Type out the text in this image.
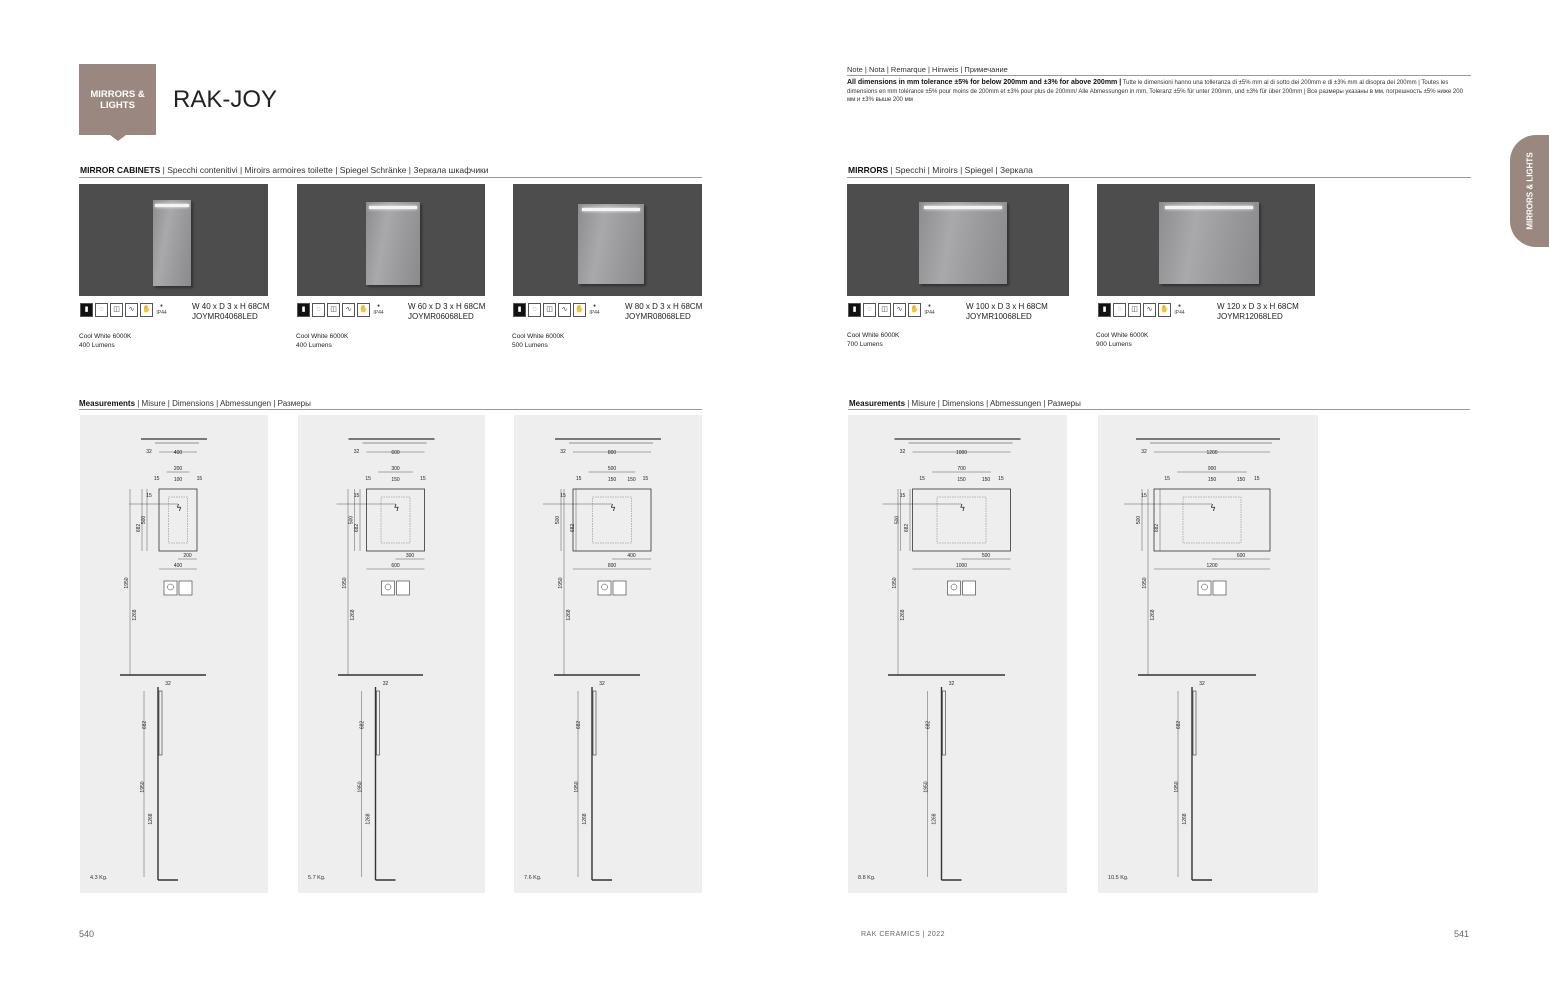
MIRRORS & LIGHTS	RAK-JOY
Note | Nota | Remarque | Hinweis | Примечание
All dimensions in mm tolerance ±5% for below 200mm and ±3% for above 200mm | Tutte le dimensioni hanno una tolleranza di ±5% mm al di sotto dei 200mm e di ±3% mm al disopra dei 200mm | Toutes les dimensions en mm tolérance ±5% pour moins de 200mm et ±3% pour plus de 200mm/ Alle Abmessungen in mm, Toleranz ±5% für unter 200mm, und ±3% für über 200mm | Все размеры указаны в мм, погрешность ±5% ниже 200 мм и ±3% выше 200 мм
MIRRORS & LIGHTS
MIRROR CABINETS | Specchi contenitivi | Miroirs armoires toilette | Spiegel Schränke | Зеркала шкафчики	MIRRORS | Specchi | Miroirs | Spiegel | Зеркала
▮	◌	◫	∿	✋	●
IP44
W 40 x D 3 x H 68CM
JOYMR04068LED
Cool White 6000K
400 Lumens
▮	◌	◫	∿	✋	●
IP44
W 60 x D 3 x H 68CM
JOYMR06068LED
Cool White 6000K
400 Lumens
▮	◌	◫	∿	✋	●
IP44
W 80 x D 3 x H 68CM
JOYMR08068LED
Cool White 6000K
500 Lumens
▮	◌	◫	∿	✋	●
IP44
W 100 x D 3 x H 68CM
JOYMR10068LED
Cool White 6000K
700 Lumens
▮	◌	◫	∿	✋	●
IP44
W 120 x D 3 x H 68CM
JOYMR12068LED
Cool White 6000K
900 Lumens
Measurements | Misure | Dimensions | Abmessungen | Размеры	Measurements | Misure | Dimensions | Abmessungen | Размеры
32	400
200
15	15
100
15
ϟ
500
200
400
682
1950
1268
32
682
1950
1268
4.3 Kg.
32	600
300
15	15
150
15
ϟ
500
300
600
682
1950
1268
32
682
1950
1268
5.7 Kg.
32	800
500
15	15
150 150
15
ϟ
500
400
800
682
1950
1268
32
682
1950
1268
7.6 Kg.
32	1000
700
15	15
150	150
15
ϟ
500
500
1000
682
1950
1268
32
682
1950
1268
8.8 Kg.
32	1200
900
15	15
150	150
15
ϟ
500
600
1200
682
1950
1268
32
682
1950
1268
10.5 Kg.
540	RAK CERAMICS | 2022	541
